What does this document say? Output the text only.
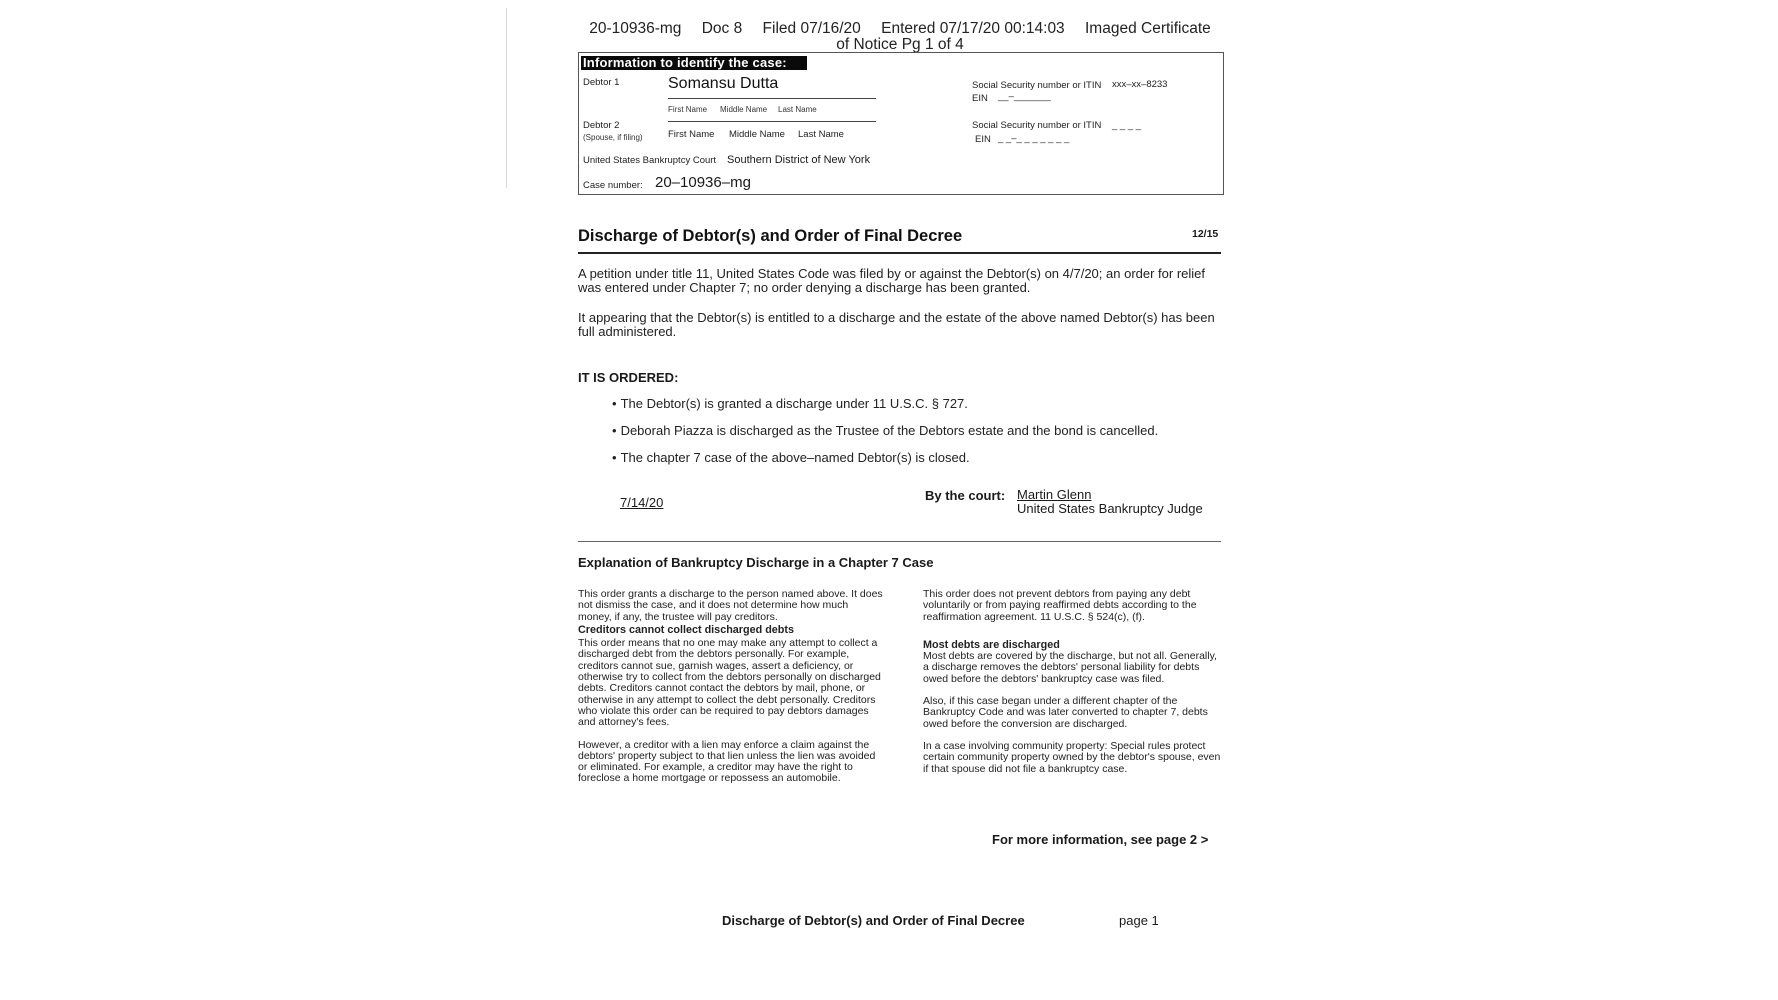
20-10936-mg Doc 8 Filed 07/16/20 Entered 07/17/20 00:14:03 Imaged Certificate
of Notice Pg 1 of 4
Information to identify the case:
Debtor 1	Somansu Dutta
First Name Middle Name Last Name
Social Security number or ITIN xxx–xx–8233
EIN __–_______
Debtor 2
(Spouse, if filing)	First Name Middle Name Last Name
Social Security number or ITIN _ _ _ _
EIN _ _–_ _ _ _ _ _ _
United States Bankruptcy Court Southern District of New York
Case number: 20–10936–mg
Discharge of Debtor(s) and Order of Final Decree	12/15
A petition under title 11, United States Code was filed by or against the Debtor(s) on 4/7/20; an order for relief was entered under Chapter 7; no order denying a discharge has been granted.
It appearing that the Debtor(s) is entitled to a discharge and the estate of the above named Debtor(s) has been full administered.
IT IS ORDERED:
• The Debtor(s) is granted a discharge under 11 U.S.C. § 727.
• Deborah Piazza is discharged as the Trustee of the Debtors estate and the bond is cancelled.
• The chapter 7 case of the above–named Debtor(s) is closed.
7/14/20	By the court: Martin Glenn
United States Bankruptcy Judge
Explanation of Bankruptcy Discharge in a Chapter 7 Case

This order grants a discharge to the person named above. It does not dismiss the case, and it does not determine how much money, if any, the trustee will pay creditors.

Creditors cannot collect discharged debts

This order means that no one may make any attempt to collect a discharged debt from the debtors personally. For example, creditors cannot sue, garnish wages, assert a deficiency, or otherwise try to collect from the debtors personally on discharged debts. Creditors cannot contact the debtors by mail, phone, or otherwise in any attempt to collect the debt personally. Creditors who violate this order can be required to pay debtors damages and attorney's fees.

However, a creditor with a lien may enforce a claim against the debtors' property subject to that lien unless the lien was avoided or eliminated. For example, a creditor may have the right to foreclose a home mortgage or repossess an automobile.

This order does not prevent debtors from paying any debt voluntarily or from paying reaffirmed debts according to the reaffirmation agreement. 11 U.S.C. § 524(c), (f).

Most debts are discharged

Most debts are covered by the discharge, but not all. Generally, a discharge removes the debtors' personal liability for debts owed before the debtors' bankruptcy case was filed.

Also, if this case began under a different chapter of the Bankruptcy Code and was later converted to chapter 7, debts owed before the conversion are discharged.

In a case involving community property: Special rules protect certain community property owned by the debtor's spouse, even if that spouse did not file a bankruptcy case.

For more information, see page 2 >
Discharge of Debtor(s) and Order of Final Decree	page 1
